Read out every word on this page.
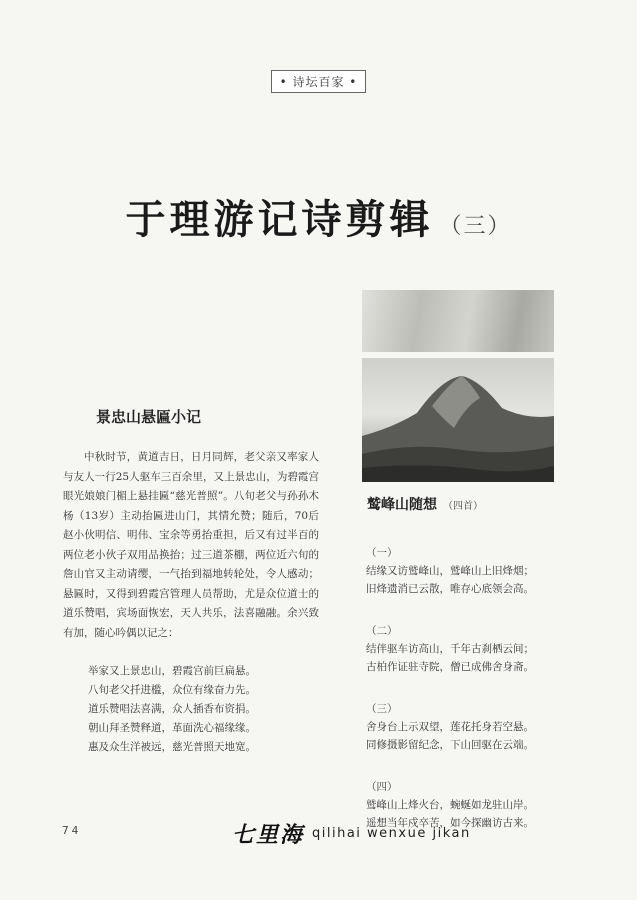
• 诗坛百家 •
于理游记诗剪辑 （三）
景忠山悬匾小记
中秋时节，黄道吉日，日月同辉，老父亲又率家人与友人一行25人驱车三百余里，又上景忠山，为碧霞宫眼光娘娘门楣上悬挂匾“慈光普照”。八旬老父与孙孙木杨（13岁）主动抬匾进山门，其情允赞；随后，70后赵小伙明信、明伟、宝余等勇抬重担，后又有过半百的两位老小伙子双用品换抬；过三道茶棚，两位近六旬的詹山官又主动请缨，一气抬到福地转轮处，令人感动；悬匾时，又得到碧霞宫管理人员帮助，尤是众位道士的道乐赞唱，宾场面恢宏，天人共乐，法喜融融。余兴致有加，随心吟偶以记之：
举家又上景忠山，碧霞宫前巨扁悬。
八旬老父扦进槛，众位有缘奋力先。
道乐赞唱法喜满，众人插香布资捐。
朝山拜圣赞释道，革面洗心福缘缘。
惠及众生洋被远，慈光普照天地宽。
鹫峰山随想 （四首）
（一）
结缘又访鹫峰山，鹫峰山上旧烽烟；
旧烽遗消已云散，唯存心底领会高。
（二）
结伴驱车访高山，千年古刹栖云间；
古柏作证驻寺院，僧已成佛舍身斋。
（三）
舍身台上示双望，莲花托身若空悬。
同修摄影留纪念，下山回驱在云端。
（四）
鹫峰山上烽火台，蜿蜒如龙驻山岸。
遥想当年戍卒苦，如今探幽访古来。
74	七里海 qilihai wenxue jikan
